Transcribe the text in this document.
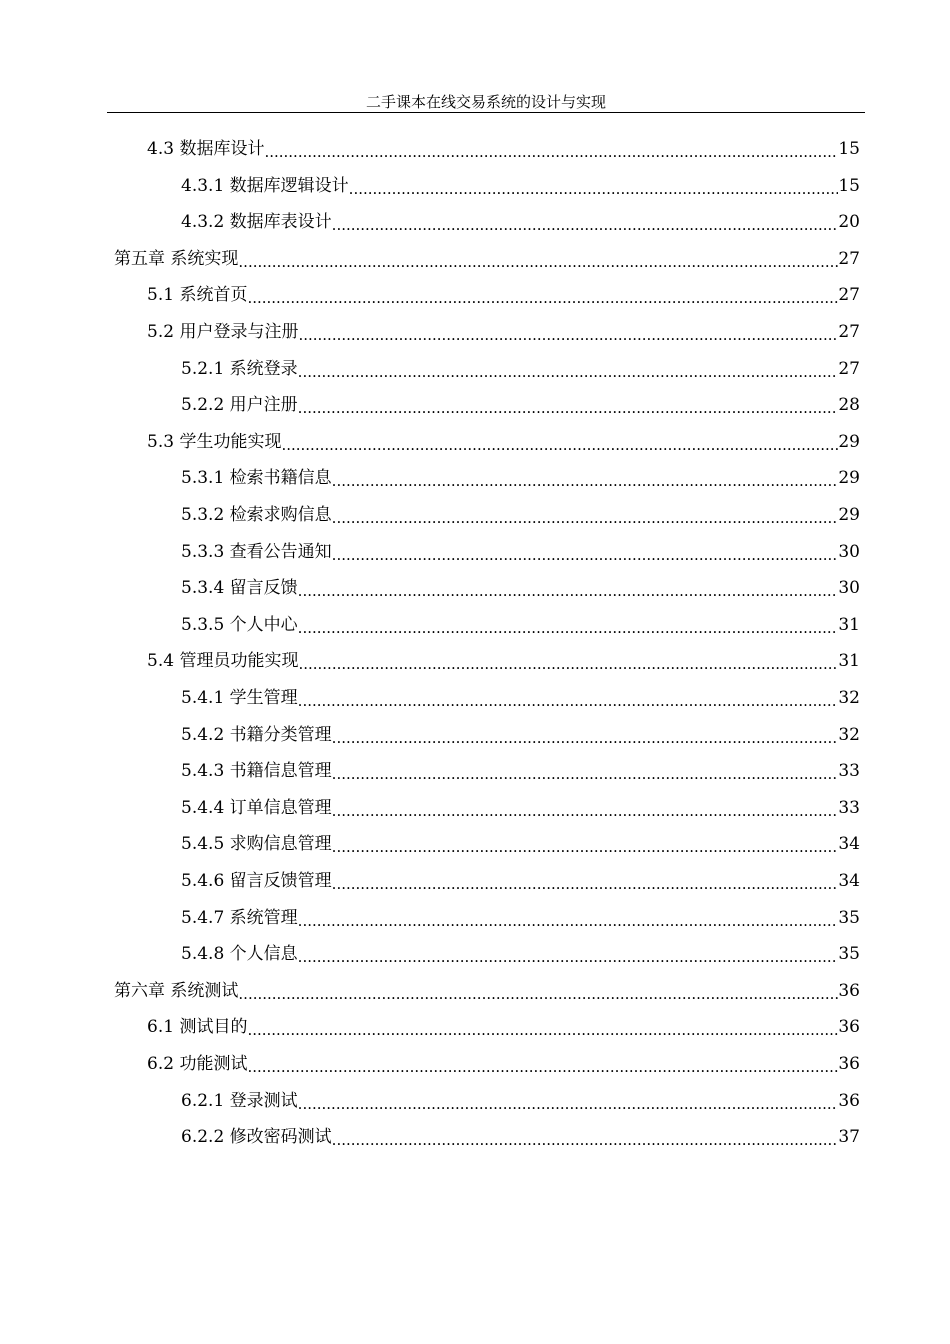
二手课本在线交易系统的设计与实现
4.3 数据库设计 .....	15
4.3.1 数据库逻辑设计 .....	15
4.3.2 数据库表设计 .....	20
第五章 系统实现 .....	27
5.1 系统首页 .....	27
5.2 用户登录与注册 .....	27
5.2.1 系统登录 .....	27
5.2.2 用户注册 .....	28
5.3 学生功能实现 .....	29
5.3.1 检索书籍信息 .....	29
5.3.2 检索求购信息 .....	29
5.3.3 查看公告通知 .....	30
5.3.4 留言反馈 .....	30
5.3.5 个人中心 .....	31
5.4 管理员功能实现 .....	31
5.4.1 学生管理 .....	32
5.4.2 书籍分类管理 .....	32
5.4.3 书籍信息管理 .....	33
5.4.4 订单信息管理 .....	33
5.4.5 求购信息管理 .....	34
5.4.6 留言反馈管理 .....	34
5.4.7 系统管理 .....	35
5.4.8 个人信息 .....	35
第六章 系统测试 .....	36
6.1 测试目的 .....	36
6.2 功能测试 .....	36
6.2.1 登录测试 .....	36
6.2.2 修改密码测试 .....	37
